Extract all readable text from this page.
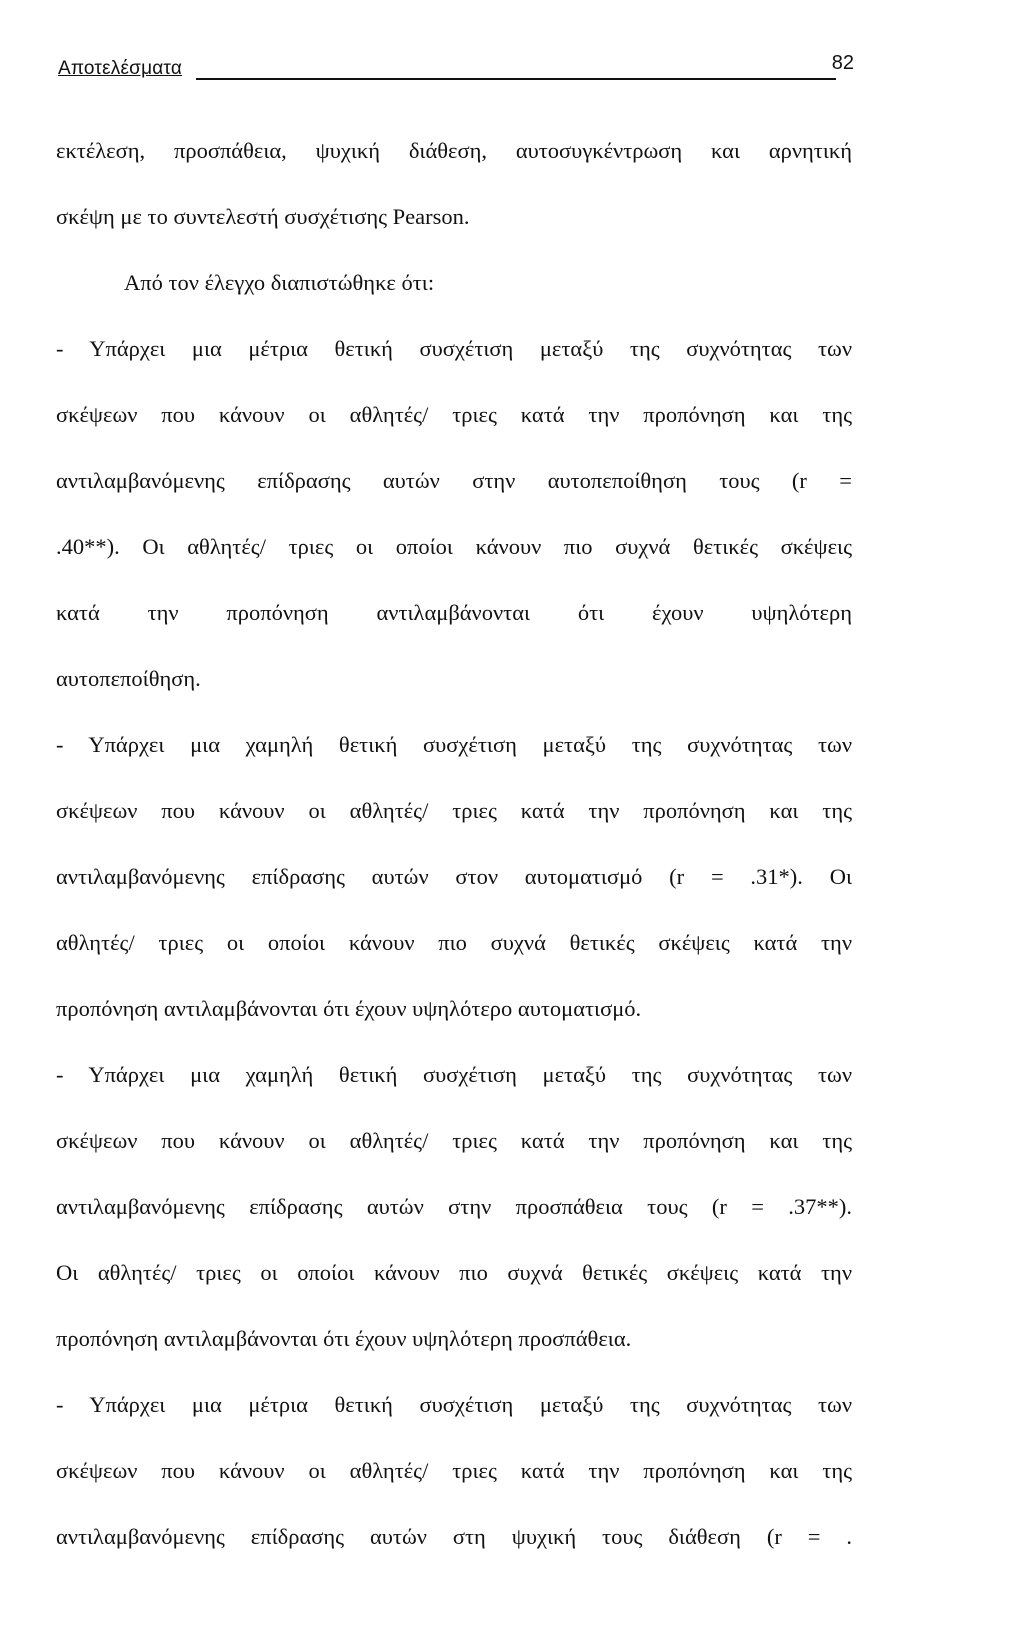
Αποτελέσματα	82
εκτέλεση, προσπάθεια, ψυχική διάθεση, αυτοσυγκέντρωση και αρνητική
σκέψη με το συντελεστή συσχέτισης Pearson.
Από τον έλεγχο διαπιστώθηκε ότι:
- Υπάρχει μια μέτρια θετική συσχέτιση μεταξύ της συχνότητας των
σκέψεων που κάνουν οι αθλητές/ τριες κατά την προπόνηση και της
αντιλαμβανόμενης επίδρασης αυτών στην αυτοπεποίθηση τους (r =
.40**). Οι αθλητές/ τριες οι οποίοι κάνουν πιο συχνά θετικές σκέψεις
κατά την προπόνηση αντιλαμβάνονται ότι έχουν υψηλότερη
αυτοπεποίθηση.
- Υπάρχει μια χαμηλή θετική συσχέτιση μεταξύ της συχνότητας των
σκέψεων που κάνουν οι αθλητές/ τριες κατά την προπόνηση και της
αντιλαμβανόμενης επίδρασης αυτών στον αυτοματισμό (r = .31*). Οι
αθλητές/ τριες οι οποίοι κάνουν πιο συχνά θετικές σκέψεις κατά την
προπόνηση αντιλαμβάνονται ότι έχουν υψηλότερο αυτοματισμό.
- Υπάρχει μια χαμηλή θετική συσχέτιση μεταξύ της συχνότητας των
σκέψεων που κάνουν οι αθλητές/ τριες κατά την προπόνηση και της
αντιλαμβανόμενης επίδρασης αυτών στην προσπάθεια τους (r = .37**).
Οι αθλητές/ τριες οι οποίοι κάνουν πιο συχνά θετικές σκέψεις κατά την
προπόνηση αντιλαμβάνονται ότι έχουν υψηλότερη προσπάθεια.
- Υπάρχει μια μέτρια θετική συσχέτιση μεταξύ της συχνότητας των
σκέψεων που κάνουν οι αθλητές/ τριες κατά την προπόνηση και της
αντιλαμβανόμενης επίδρασης αυτών στη ψυχική τους διάθεση (r = .
